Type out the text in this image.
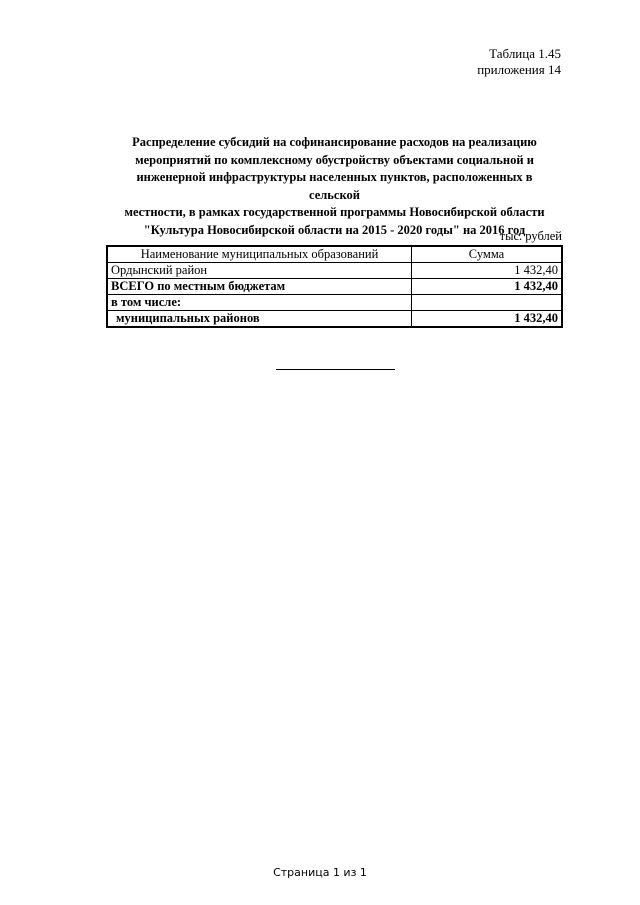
Таблица 1.45
приложения 14
Распределение субсидий на софинансирование расходов на реализацию
мероприятий по комплексному обустройству объектами социальной и
инженерной инфраструктуры населенных пунктов, расположенных в сельской
местности, в рамках государственной программы Новосибирской области
"Культура Новосибирской области на 2015 - 2020 годы" на 2016 год
тыс. рублей
Наименование муниципальных образований	Сумма
Ордынский район	1 432,40
ВСЕГО по местным бюджетам	1 432,40
в том числе:	
муниципальных районов	1 432,40
Страница 1 из 1
